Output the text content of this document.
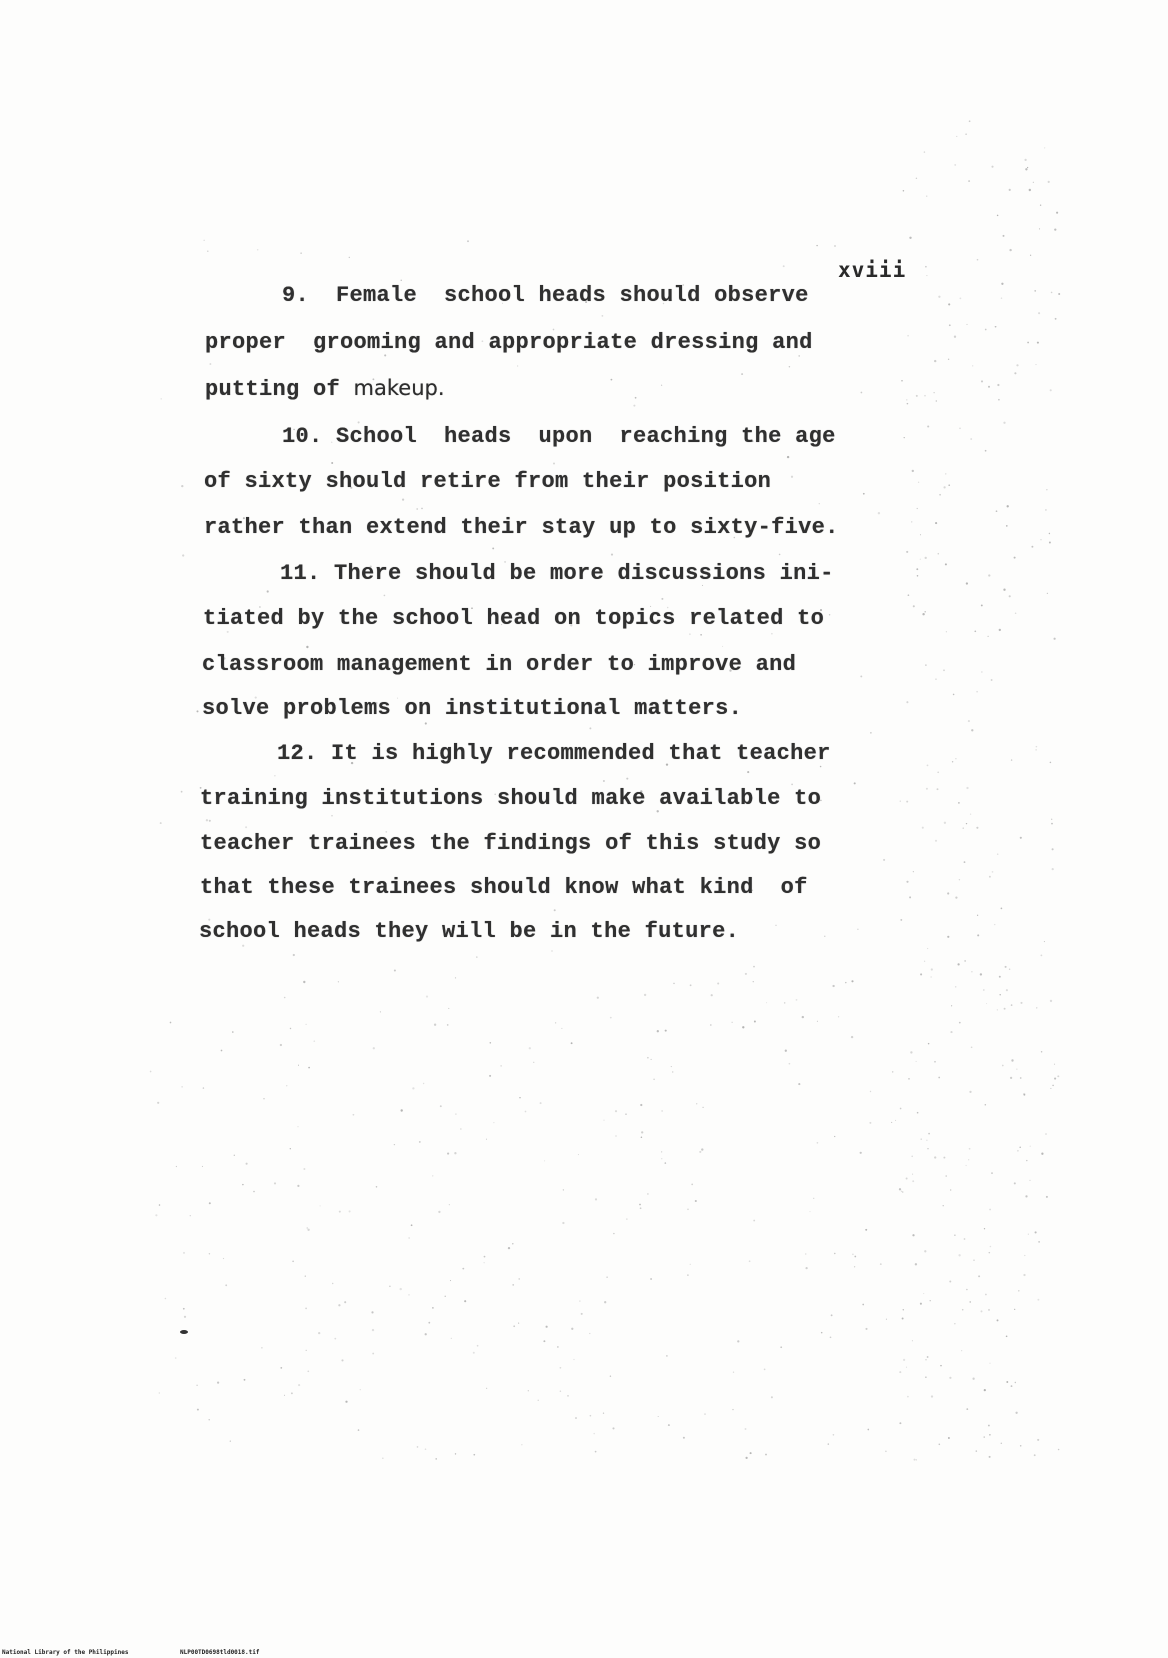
xviii
9.  Female  school heads should observe
proper  grooming and appropriate dressing and
putting of makeup.
10. School  heads  upon  reaching the age
of sixty should retire from their position
rather than extend their stay up to sixty-five.
11. There should be more discussions ini-
tiated by the school head on topics related to
classroom management in order to improve and
solve problems on institutional matters.
12. It is highly recommended that teacher
training institutions should make available to
teacher trainees the findings of this study so
that these trainees should know what kind  of
school heads they will be in the future.
National Library of the Philippines	NLP00TD0698tld0018.tif
